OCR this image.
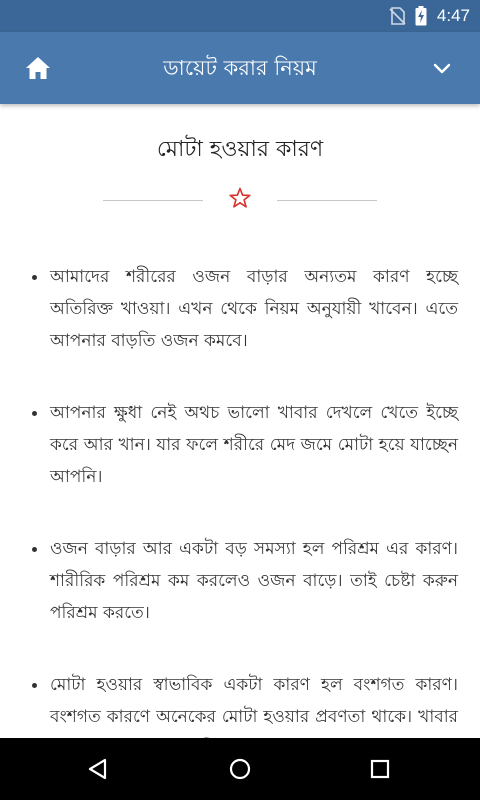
4:47
ডায়েট করার নিয়ম
মোটা হওয়ার কারণ
আমাদের শরীরের ওজন বাড়ার অন্যতম কারণ হচ্ছে অতিরিক্ত খাওয়া। এখন থেকে নিয়ম অনুযায়ী খাবেন। এতে আপনার বাড়তি ওজন কমবে।
আপনার ক্ষুধা নেই অথচ ভালো খাবার দেখলে খেতে ইচ্ছে করে আর খান। যার ফলে শরীরে মেদ জমে মোটা হয়ে যাচ্ছেন আপনি।
ওজন বাড়ার আর একটা বড় সমস্যা হল পরিশ্রম এর কারণ। শারীরিক পরিশ্রম কম করলেও ওজন বাড়ে। তাই চেষ্টা করুন পরিশ্রম করতে।
মোটা হওয়ার স্বাভাবিক একটা কারণ হল বংশগত কারণ। বংশগত কারণে অনেকের মোটা হওয়ার প্রবণতা থাকে। খাবার
